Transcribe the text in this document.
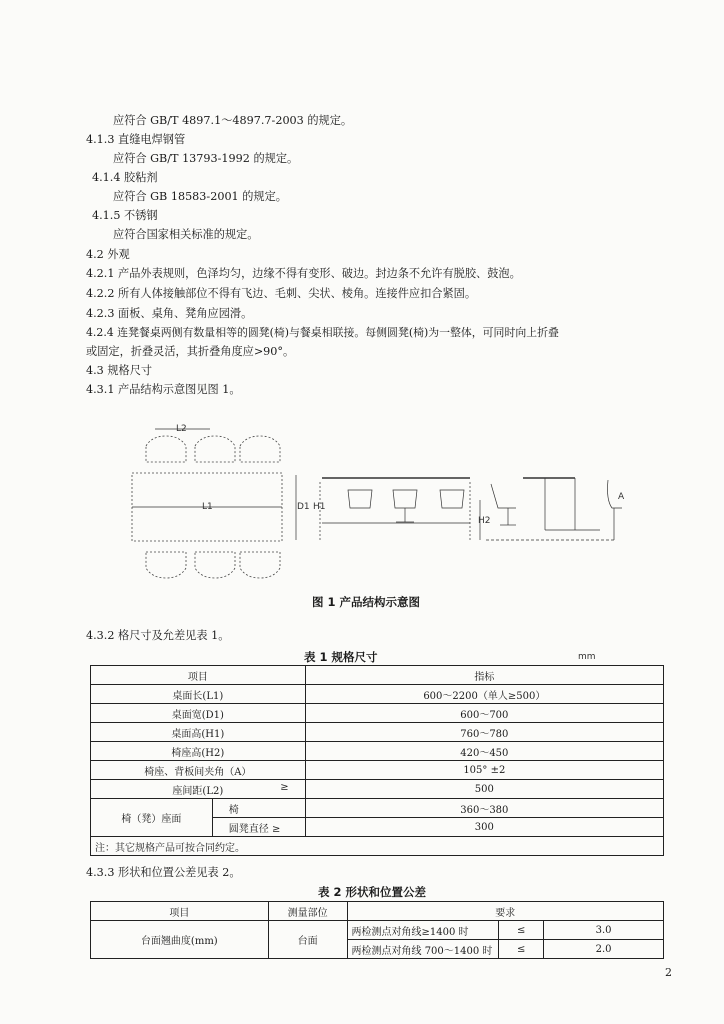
应符合 GB/T 4897.1～4897.7-2003 的规定。
4.1.3 直缝电焊钢管
应符合 GB/T 13793-1992 的规定。
4.1.4 胶粘剂
应符合 GB 18583-2001 的规定。
4.1.5 不锈钢
应符合国家相关标准的规定。
4.2 外观
4.2.1 产品外表规则，色泽均匀，边缘不得有变形、破边。封边条不允许有脱胶、鼓泡。
4.2.2 所有人体接触部位不得有飞边、毛刺、尖状、棱角。连接件应扣合紧固。
4.2.3 面板、桌角、凳角应园滑。
4.2.4 连凳餐桌两侧有数量相等的圆凳(椅)与餐桌相联接。每侧圆凳(椅)为一整体，可同时向上折叠
或固定，折叠灵活，其折叠角度应>90°。
4.3 规格尺寸
4.3.1 产品结构示意图见图 1。
L2
L1	D1 H1
H2
A
图 1 产品结构示意图
4.3.2 格尺寸及允差见表 1。
表 1 规格尺寸	mm
项目		指标
桌面长(L1)		600～2200（单人≥500）
桌面宽(D1)		600～700
桌面高(H1)		760～780
椅座高(H2)		420～450
椅座、背板间夹角（A）		105° ±2
座间距(L2) ≥		500
椅（凳）座面	椅	360～380
	圆凳直径 ≥	300
注：其它规格产品可按合同约定。		
4.3.3 形状和位置公差见表 2。
表 2 形状和位置公差
项目	测量部位	要求		
台面翘曲度(mm)	台面	两检测点对角线≥1400 时	≤	3.0
		两检测点对角线 700～1400 时	≤	2.0
2
